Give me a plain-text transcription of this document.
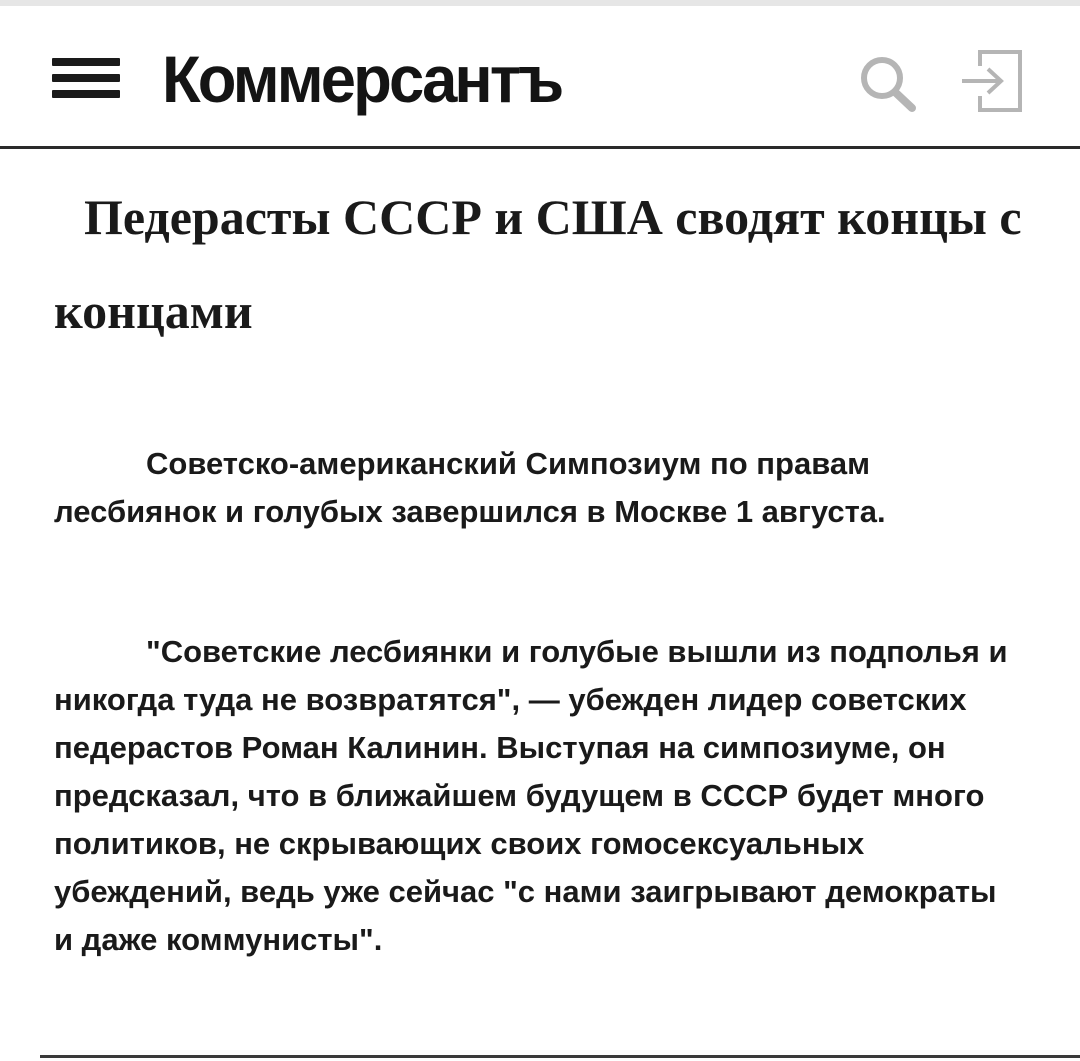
Коммерсантъ
Педерасты СССР и США сводят концы с концами

Советско-американский Симпозиум по правам лесбиянок и голубых завершился в Москве 1 августа.

"Советские лесбиянки и голубые вышли из подполья и никогда туда не возвратятся", — убежден лидер советских педерастов Роман Калинин. Выступая на симпозиуме, он предсказал, что в ближайшем будущем в СССР будет много политиков, не скрывающих своих гомосексуальных убеждений, ведь уже сейчас "с нами заигрывают демократы и даже коммунисты".
